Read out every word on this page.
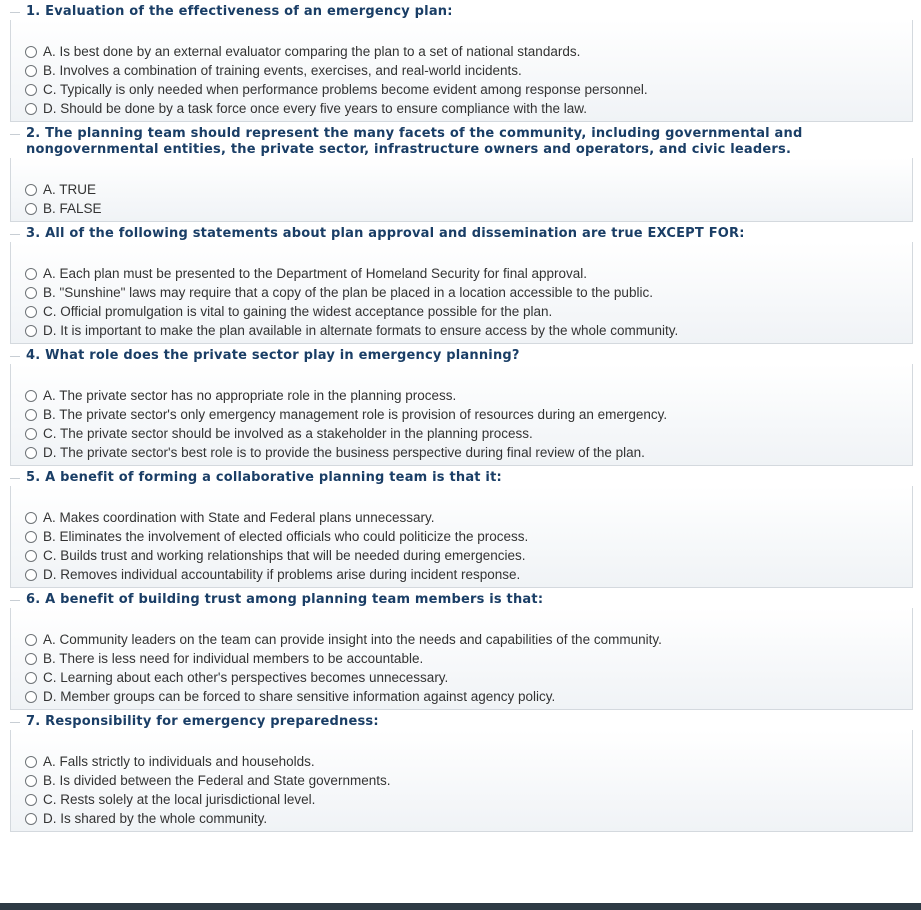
1. Evaluation of the effectiveness of an emergency plan:
A. Is best done by an external evaluator comparing the plan to a set of national standards.
B. Involves a combination of training events, exercises, and real-world incidents.
C. Typically is only needed when performance problems become evident among response personnel.
D. Should be done by a task force once every five years to ensure compliance with the law.
2. The planning team should represent the many facets of the community, including governmental and nongovernmental entities, the private sector, infrastructure owners and operators, and civic leaders.
A. TRUE
B. FALSE
3. All of the following statements about plan approval and dissemination are true EXCEPT FOR:
A. Each plan must be presented to the Department of Homeland Security for final approval.
B. "Sunshine" laws may require that a copy of the plan be placed in a location accessible to the public.
C. Official promulgation is vital to gaining the widest acceptance possible for the plan.
D. It is important to make the plan available in alternate formats to ensure access by the whole community.
4. What role does the private sector play in emergency planning?
A. The private sector has no appropriate role in the planning process.
B. The private sector's only emergency management role is provision of resources during an emergency.
C. The private sector should be involved as a stakeholder in the planning process.
D. The private sector's best role is to provide the business perspective during final review of the plan.
5. A benefit of forming a collaborative planning team is that it:
A. Makes coordination with State and Federal plans unnecessary.
B. Eliminates the involvement of elected officials who could politicize the process.
C. Builds trust and working relationships that will be needed during emergencies.
D. Removes individual accountability if problems arise during incident response.
6. A benefit of building trust among planning team members is that:
A. Community leaders on the team can provide insight into the needs and capabilities of the community.
B. There is less need for individual members to be accountable.
C. Learning about each other's perspectives becomes unnecessary.
D. Member groups can be forced to share sensitive information against agency policy.
7. Responsibility for emergency preparedness:
A. Falls strictly to individuals and households.
B. Is divided between the Federal and State governments.
C. Rests solely at the local jurisdictional level.
D. Is shared by the whole community.
